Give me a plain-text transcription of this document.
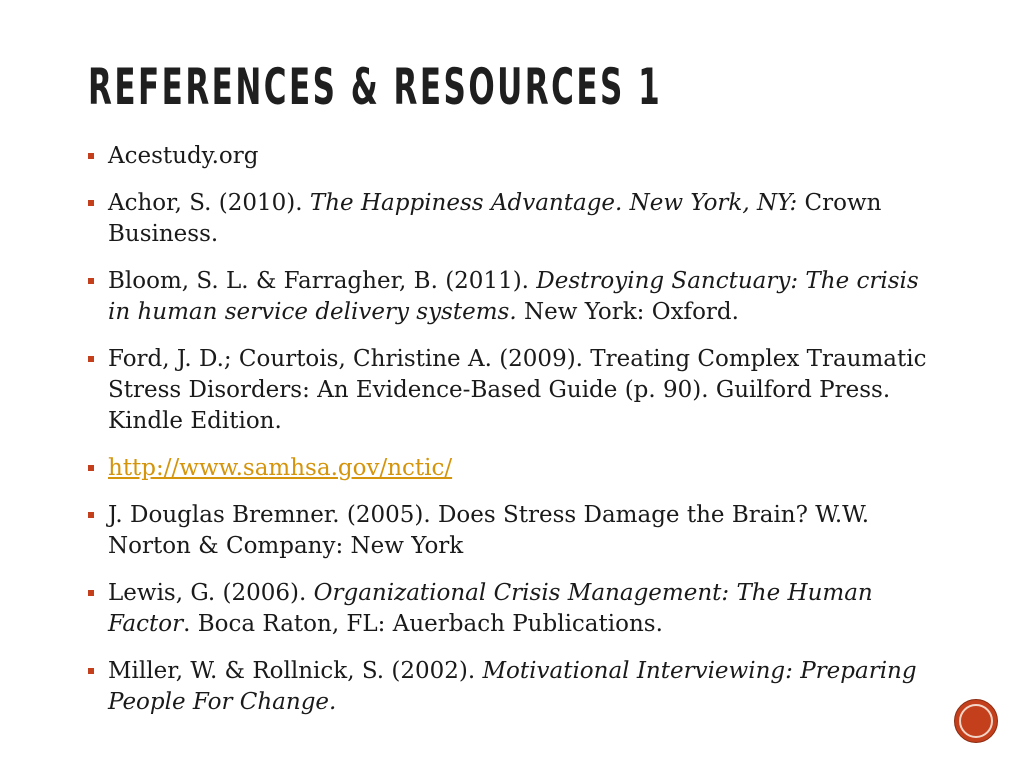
REFERENCES & RESOURCES 1
Acestudy.org
Achor, S. (2010). The Happiness Advantage. New York, NY: Crown Business.
Bloom, S. L. & Farragher, B. (2011). Destroying Sanctuary: The crisis in human service delivery systems. New York: Oxford.
Ford, J. D.; Courtois, Christine A. (2009). Treating Complex Traumatic Stress Disorders: An Evidence-Based Guide (p. 90). Guilford Press. Kindle Edition.
http://www.samhsa.gov/nctic/
J. Douglas Bremner. (2005). Does Stress Damage the Brain? W.W. Norton & Company: New York
Lewis, G. (2006). Organizational Crisis Management: The Human Factor. Boca Raton, FL: Auerbach Publications.
Miller, W. & Rollnick, S. (2002). Motivational Interviewing: Preparing People For Change.
